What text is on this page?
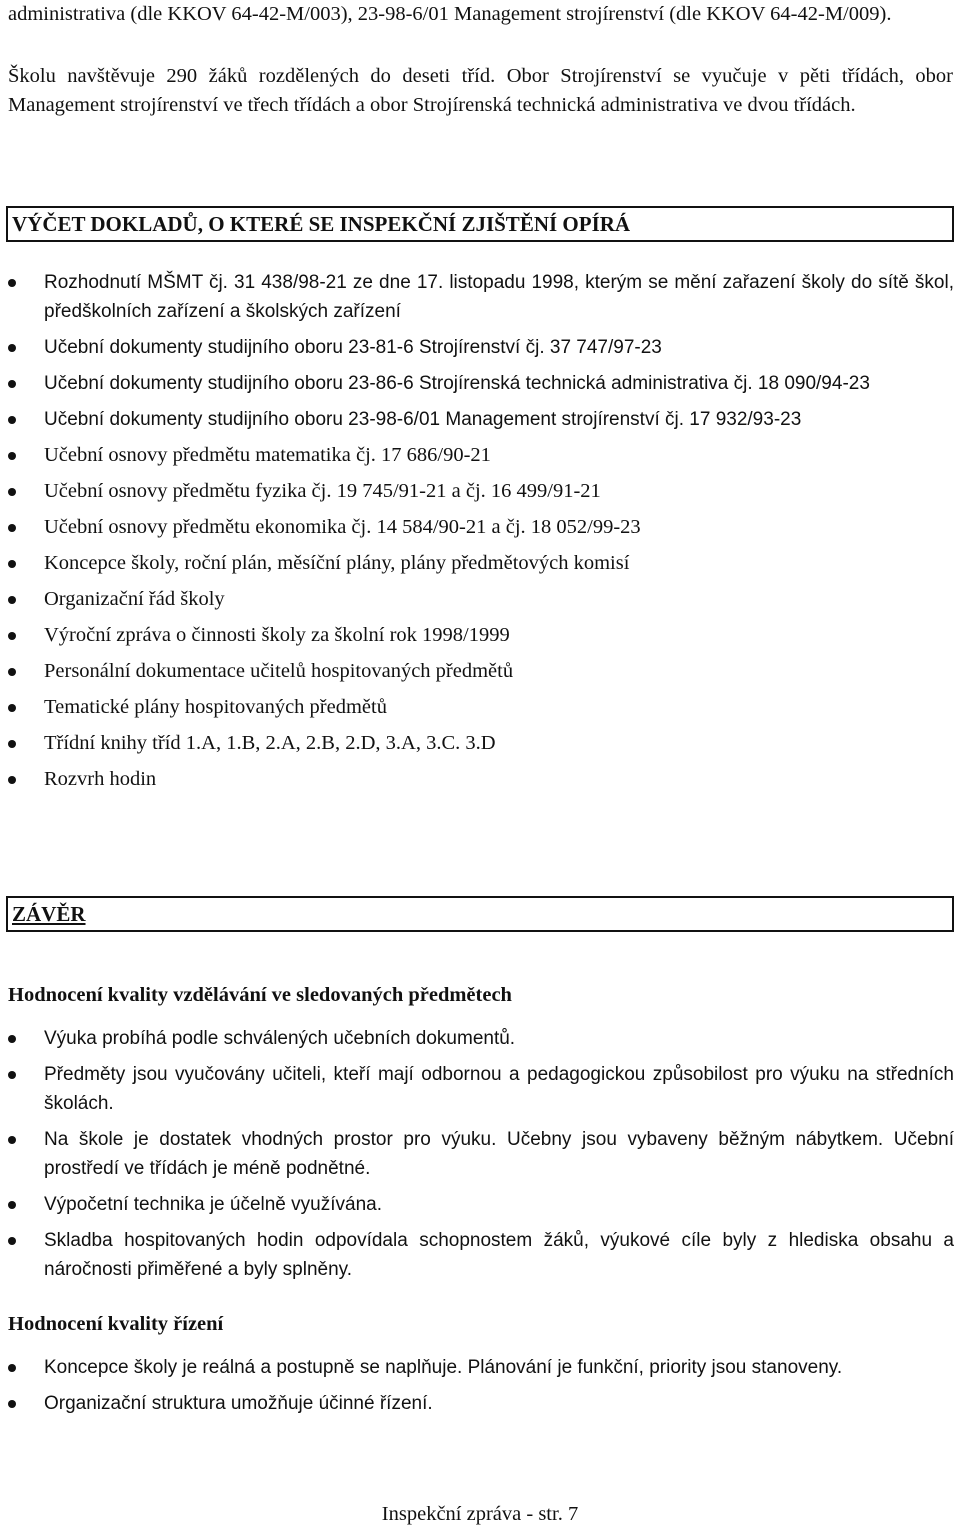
administrativa (dle KKOV 64-42-M/003), 23-98-6/01 Management strojírenství (dle KKOV 64-42-M/009).

Školu navštěvuje 290 žáků rozdělených do deseti tříd. Obor Strojírenství se vyučuje v pěti třídách, obor Management strojírenství ve třech třídách a obor Strojírenská technická administrativa ve dvou třídách.

VÝČET DOKLADŮ, O KTERÉ SE INSPEKČNÍ ZJIŠTĚNÍ OPÍRÁ
Rozhodnutí MŠMT čj. 31 438/98-21 ze dne 17. listopadu 1998, kterým se mění zařazení školy do sítě škol, předškolních zařízení a školských zařízení
Učební dokumenty studijního oboru 23-81-6 Strojírenství čj. 37 747/97-23
Učební dokumenty studijního oboru 23-86-6 Strojírenská technická administrativa čj. 18 090/94-23
Učební dokumenty studijního oboru 23-98-6/01 Management strojírenství čj. 17 932/93-23
Učební osnovy předmětu matematika čj. 17 686/90-21
Učební osnovy předmětu fyzika čj. 19 745/91-21 a čj. 16 499/91-21
Učební osnovy předmětu ekonomika čj. 14 584/90-21 a čj. 18 052/99-23
Koncepce školy, roční plán, měsíční plány, plány předmětových komisí
Organizační řád školy
Výroční zpráva o činnosti školy za školní rok 1998/1999
Personální dokumentace učitelů hospitovaných předmětů
Tematické plány hospitovaných předmětů
Třídní knihy tříd 1.A, 1.B, 2.A, 2.B, 2.D, 3.A, 3.C. 3.D
Rozvrh hodin
ZÁVĚR

Hodnocení kvality vzdělávání ve sledovaných předmětech

Výuka probíhá podle schválených učebních dokumentů.
Předměty jsou vyučovány učiteli, kteří mají odbornou a pedagogickou způsobilost pro výuku na středních školách.
Na škole je dostatek vhodných prostor pro výuku. Učebny jsou vybaveny běžným nábytkem. Učební prostředí ve třídách je méně podnětné.
Výpočetní technika je účelně využívána.
Skladba hospitovaných hodin odpovídala schopnostem žáků, výukové cíle byly z hlediska obsahu a náročnosti přiměřené a byly splněny.

Hodnocení kvality řízení

Koncepce školy je reálná a postupně se naplňuje. Plánování je funkční, priority jsou stanoveny.
Organizační struktura umožňuje účinné řízení.

Inspekční zpráva - str. 7
